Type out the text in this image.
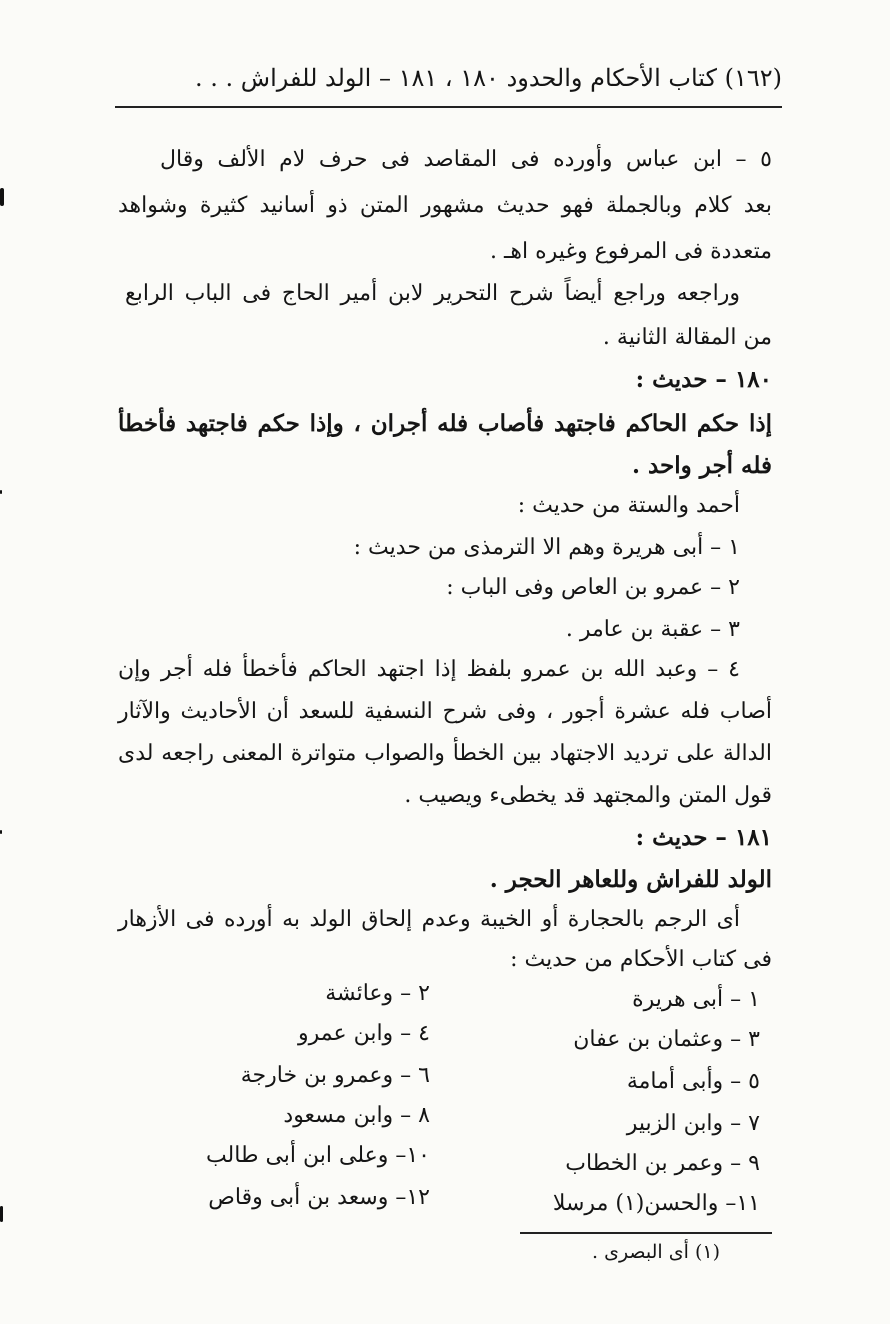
(١٦٢) كتاب الأحكام والحدود ١٨٠ ، ١٨١ – الولد للفراش . . .
٥ – ابن عباس وأورده فى المقاصد فى حرف لام الألف وقال
بعد كلام وبالجملة فهو حديث مشهور المتن ذو أسانيد كثيرة وشواهد
متعددة فى المرفوع وغيره اهـ .
وراجعه وراجع أيضاً شرح التحرير لابن أمير الحاج فى الباب الرابع
من المقالة الثانية .
١٨٠ – حديث :
إذا حكم الحاكم فاجتهد فأصاب فله أجران ، وإذا حكم فاجتهد فأخطأ
فله أجر واحد .
أحمد والستة من حديث :
١ – أبى هريرة وهم الا الترمذى من حديث :
٢ – عمرو بن العاص وفى الباب :
٣ – عقبة بن عامر .
٤ – وعبد الله بن عمرو بلفظ إذا اجتهد الحاكم فأخطأ فله أجر وإن
أصاب فله عشرة أجور ، وفى شرح النسفية للسعد أن الأحاديث والآثار
الدالة على ترديد الاجتهاد بين الخطأ والصواب متواترة المعنى راجعه لدى
قول المتن والمجتهد قد يخطىء ويصيب .
١٨١ – حديث :
الولد للفراش وللعاهر الحجر .
أى الرجم بالحجارة أو الخيبة وعدم إلحاق الولد به أورده فى الأزهار
فى كتاب الأحكام من حديث :
١ – أبى هريرة
٣ – وعثمان بن عفان
٥ – وأبى أمامة
٧ – وابن الزبير
٩ – وعمر بن الخطاب
١١– والحسن(١) مرسلا
٢ – وعائشة
٤ – وابن عمرو
٦ – وعمرو بن خارجة
٨ – وابن مسعود
١٠– وعلى ابن أبى طالب
١٢– وسعد بن أبى وقاص
(١) أى البصرى .
